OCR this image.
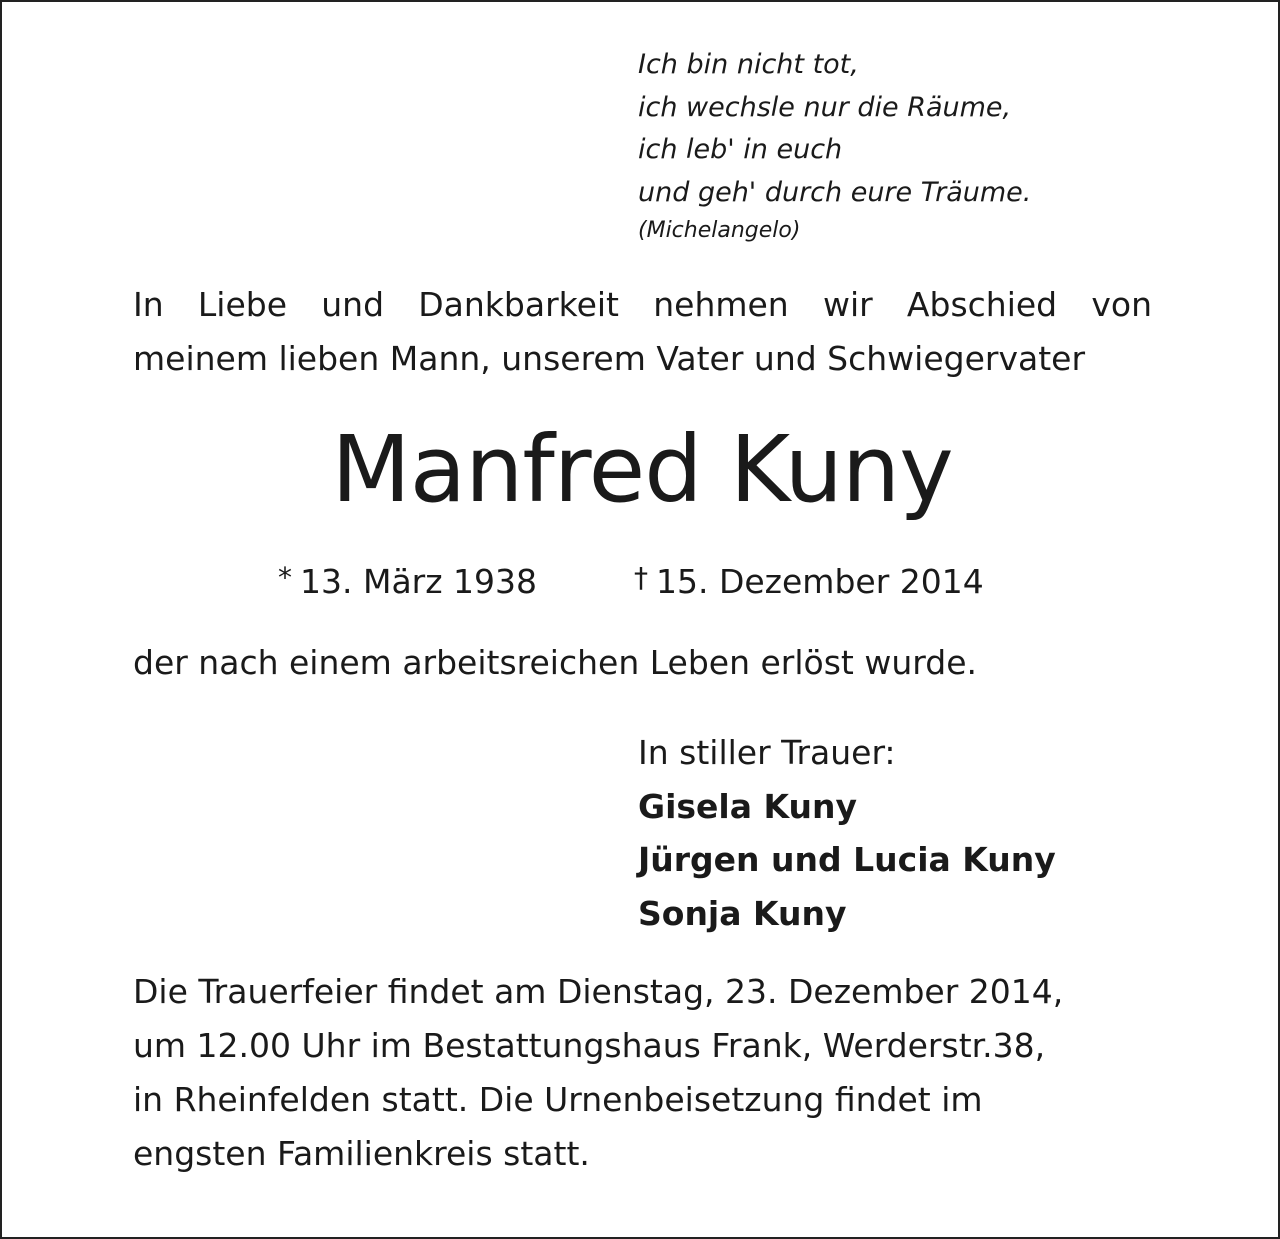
Ich bin nicht tot,
ich wechsle nur die Räume,
ich leb' in euch
und geh' durch eure Träume.
(Michelangelo)
In Liebe und Dankbarkeit nehmen wir Abschied von
meinem lieben Mann, unserem Vater und Schwiegervater
Manfred Kuny
* 13. März 1938	† 15. Dezember 2014
der nach einem arbeitsreichen Leben erlöst wurde.
In stiller Trauer:
Gisela Kuny
Jürgen und Lucia Kuny
Sonja Kuny
Die Trauerfeier findet am Dienstag, 23. Dezember 2014,
um 12.00 Uhr im Bestattungshaus Frank, Werderstr.38,
in Rheinfelden statt. Die Urnenbeisetzung findet im
engsten Familienkreis statt.
